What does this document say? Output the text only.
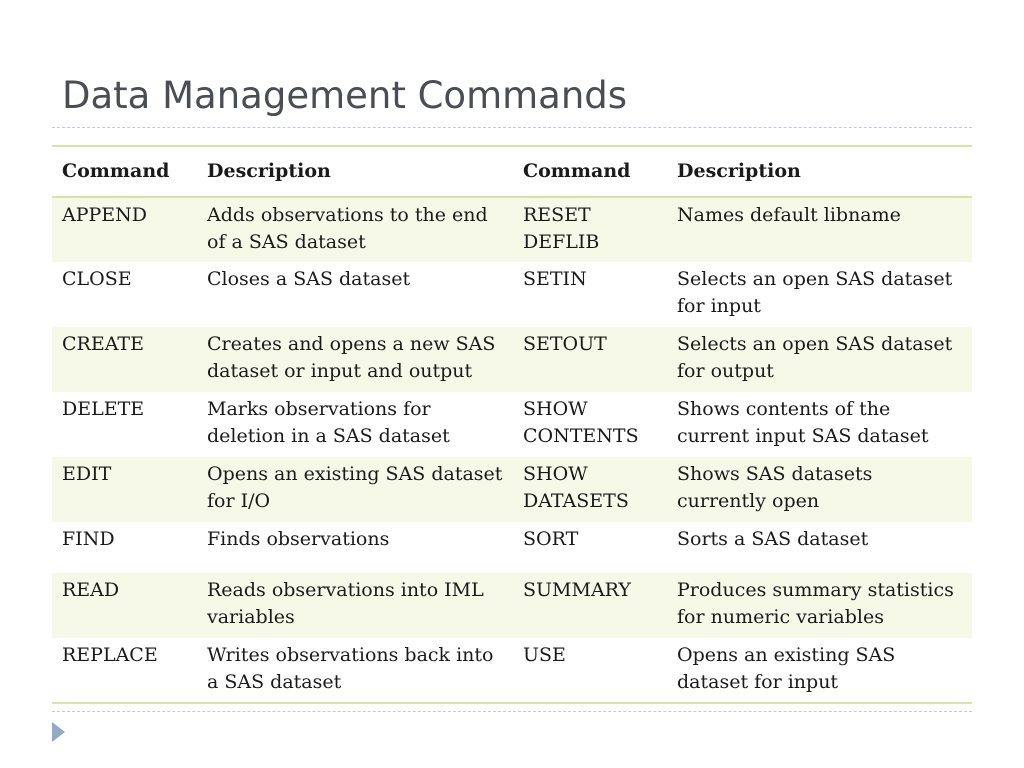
Data Management Commands
Command	Description	Command	Description
APPEND	Adds observations to the end of a SAS dataset	RESET DEFLIB	Names default libname
CLOSE	Closes a SAS dataset	SETIN	Selects an open SAS dataset for input
CREATE	Creates and opens a new SAS dataset or input and output	SETOUT	Selects an open SAS dataset for output
DELETE	Marks observations for deletion in a SAS dataset	SHOW CONTENTS	Shows contents of the current input SAS dataset
EDIT	Opens an existing SAS dataset for I/O	SHOW DATASETS	Shows SAS datasets currently open
FIND	Finds observations	SORT	Sorts a SAS dataset
READ	Reads observations into IML variables	SUMMARY	Produces summary statistics for numeric variables
REPLACE	Writes observations back into a SAS dataset	USE	Opens an existing SAS dataset for input
